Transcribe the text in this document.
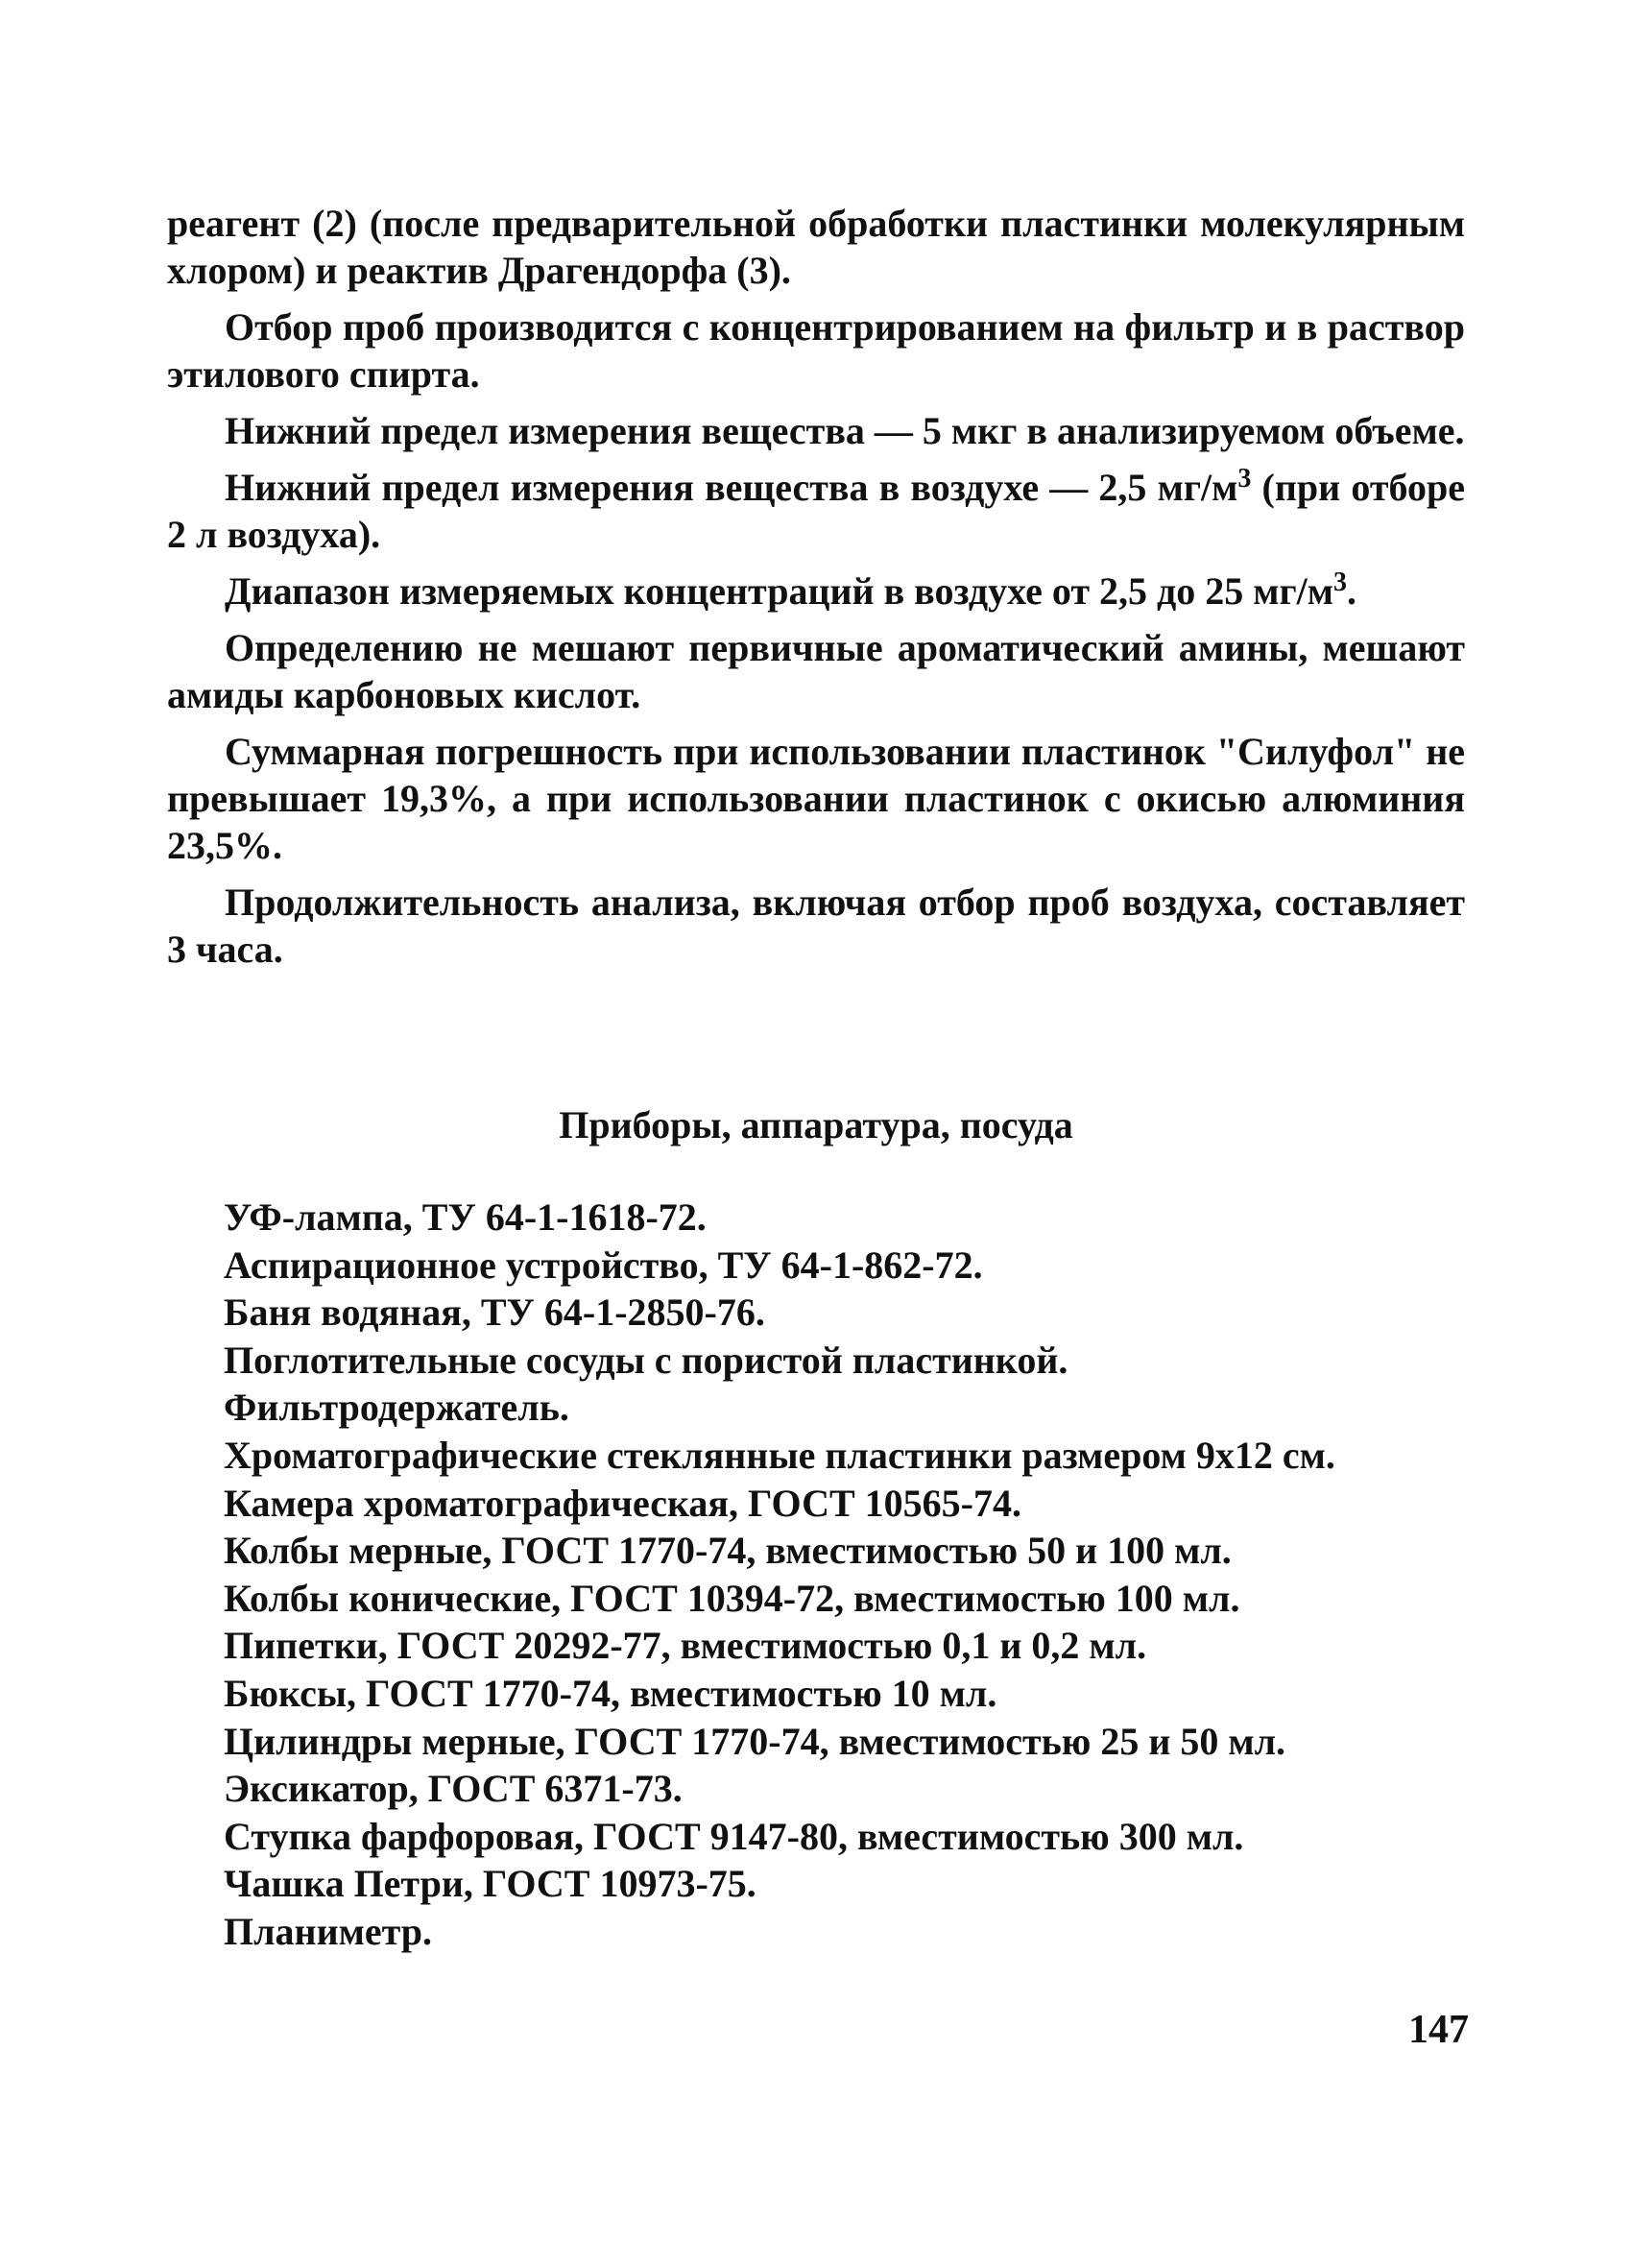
реагент (2) (после предварительной обработки пластинки молекулярным хлором) и реактив Драгендорфа (3).

Отбор проб производится с концентрированием на фильтр и в раствор этилового спирта.

Нижний предел измерения вещества — 5 мкг в анализируемом объеме.

Нижний предел измерения вещества в воздухе — 2,5 $мг/м^3$ (при отборе 2 л воздуха).

Диапазон измеряемых концентраций в воздухе от 2,5 до 25 $мг/м^3$.

Определению не мешают первичные ароматический амины, мешают амиды карбоновых кислот.

Суммарная погрешность при использовании пластинок "Силуфол" не превышает 19,3%, а при использовании пластинок с окисью алюминия 23,5%.

Продолжительность анализа, включая отбор проб воздуха, составляет 3 часа.

Приборы, аппаратура, посуда
УФ-лампа, ТУ 64-1-1618-72.
Аспирационное устройство, ТУ 64-1-862-72.
Баня водяная, ТУ 64-1-2850-76.
Поглотительные сосуды с пористой пластинкой.
Фильтродержатель.
Хроматографические стеклянные пластинки размером 9x12 см.
Камера хроматографическая, ГОСТ 10565-74.
Колбы мерные, ГОСТ 1770-74, вместимостью 50 и 100 мл.
Колбы конические, ГОСТ 10394-72, вместимостью 100 мл.
Пипетки, ГОСТ 20292-77, вместимостью 0,1 и 0,2 мл.
Бюксы, ГОСТ 1770-74, вместимостью 10 мл.
Цилиндры мерные, ГОСТ 1770-74, вместимостью 25 и 50 мл.
Эксикатор, ГОСТ 6371-73.
Ступка фарфоровая, ГОСТ 9147-80, вместимостью 300 мл.
Чашка Петри, ГОСТ 10973-75.
Планиметр.
147
